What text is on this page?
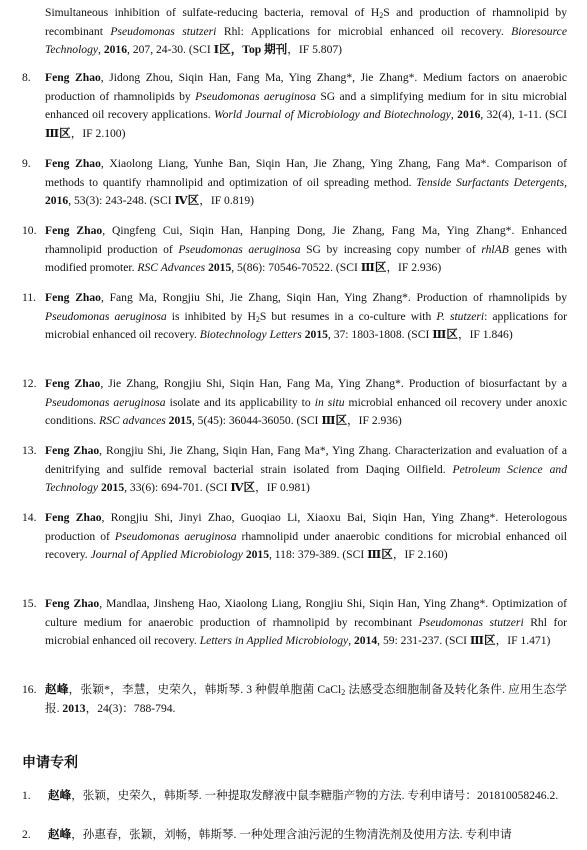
Simultaneous inhibition of sulfate-reducing bacteria, removal of $H_2S$ and production of rhamnolipid by recombinant Pseudomonas stutzeri Rhl: Applications for microbial enhanced oil recovery. Bioresource Technology, 2016, 207, 24-30. (SCI Ⅰ区，Top 期刊，IF 5.807)
8. Feng Zhao, Jidong Zhou, Siqin Han, Fang Ma, Ying Zhang*, Jie Zhang*. Medium factors on anaerobic production of rhamnolipids by Pseudomonas aeruginosa SG and a simplifying medium for in situ microbial enhanced oil recovery applications. World Journal of Microbiology and Biotechnology, 2016, 32(4), 1-11. (SCI Ⅲ区，IF 2.100)
9. Feng Zhao, Xiaolong Liang, Yunhe Ban, Siqin Han, Jie Zhang, Ying Zhang, Fang Ma*. Comparison of methods to quantify rhamnolipid and optimization of oil spreading method. Tenside Surfactants Detergents, 2016, 53(3): 243-248. (SCI Ⅳ区，IF 0.819)
10. Feng Zhao, Qingfeng Cui, Siqin Han, Hanping Dong, Jie Zhang, Fang Ma, Ying Zhang*. Enhanced rhamnolipid production of Pseudomonas aeruginosa SG by increasing copy number of rhlAB genes with modified promoter. RSC Advances 2015, 5(86): 70546-70522. (SCI Ⅲ区，IF 2.936)
11. Feng Zhao, Fang Ma, Rongjiu Shi, Jie Zhang, Siqin Han, Ying Zhang*. Production of rhamnolipids by Pseudomonas aeruginosa is inhibited by $H_2S$ but resumes in a co-culture with P. stutzeri: applications for microbial enhanced oil recovery. Biotechnology Letters 2015, 37: 1803-1808. (SCI Ⅲ区，IF 1.846)
12. Feng Zhao, Jie Zhang, Rongjiu Shi, Siqin Han, Fang Ma, Ying Zhang*. Production of biosurfactant by a Pseudomonas aeruginosa isolate and its applicability to in situ microbial enhanced oil recovery under anoxic conditions. RSC advances 2015, 5(45): 36044-36050. (SCI Ⅲ区，IF 2.936)
13. Feng Zhao, Rongjiu Shi, Jie Zhang, Siqin Han, Fang Ma*, Ying Zhang. Characterization and evaluation of a denitrifying and sulfide removal bacterial strain isolated from Daqing Oilfield. Petroleum Science and Technology 2015, 33(6): 694-701. (SCI Ⅳ区，IF 0.981)
14. Feng Zhao, Rongjiu Shi, Jinyi Zhao, Guoqiao Li, Xiaoxu Bai, Siqin Han, Ying Zhang*. Heterologous production of Pseudomonas aeruginosa rhamnolipid under anaerobic conditions for microbial enhanced oil recovery. Journal of Applied Microbiology 2015, 118: 379-389. (SCI Ⅲ区，IF 2.160)
15. Feng Zhao, Mandlaa, Jinsheng Hao, Xiaolong Liang, Rongjiu Shi, Siqin Han, Ying Zhang*. Optimization of culture medium for anaerobic production of rhamnolipid by recombinant Pseudomonas stutzeri Rhl for microbial enhanced oil recovery. Letters in Applied Microbiology, 2014, 59: 231-237. (SCI Ⅲ区，IF 1.471)
16. 赵峰，张颖*，李慧，史荣久，韩斯琴. 3 种假单胞菌 CaCl$_2$ 法感受态细胞制备及转化条件. 应用生态学报. 2013，24(3)：788-794.
申请专利
1. 赵峰，张颖，史荣久，韩斯琴. 一种提取发酵液中鼠李糖脂产物的方法. 专利申请号：201810058246.2.
2. 赵峰，孙惠春，张颖，刘畅，韩斯琴. 一种处理含油污泥的生物清洗剂及使用方法. 专利申请
